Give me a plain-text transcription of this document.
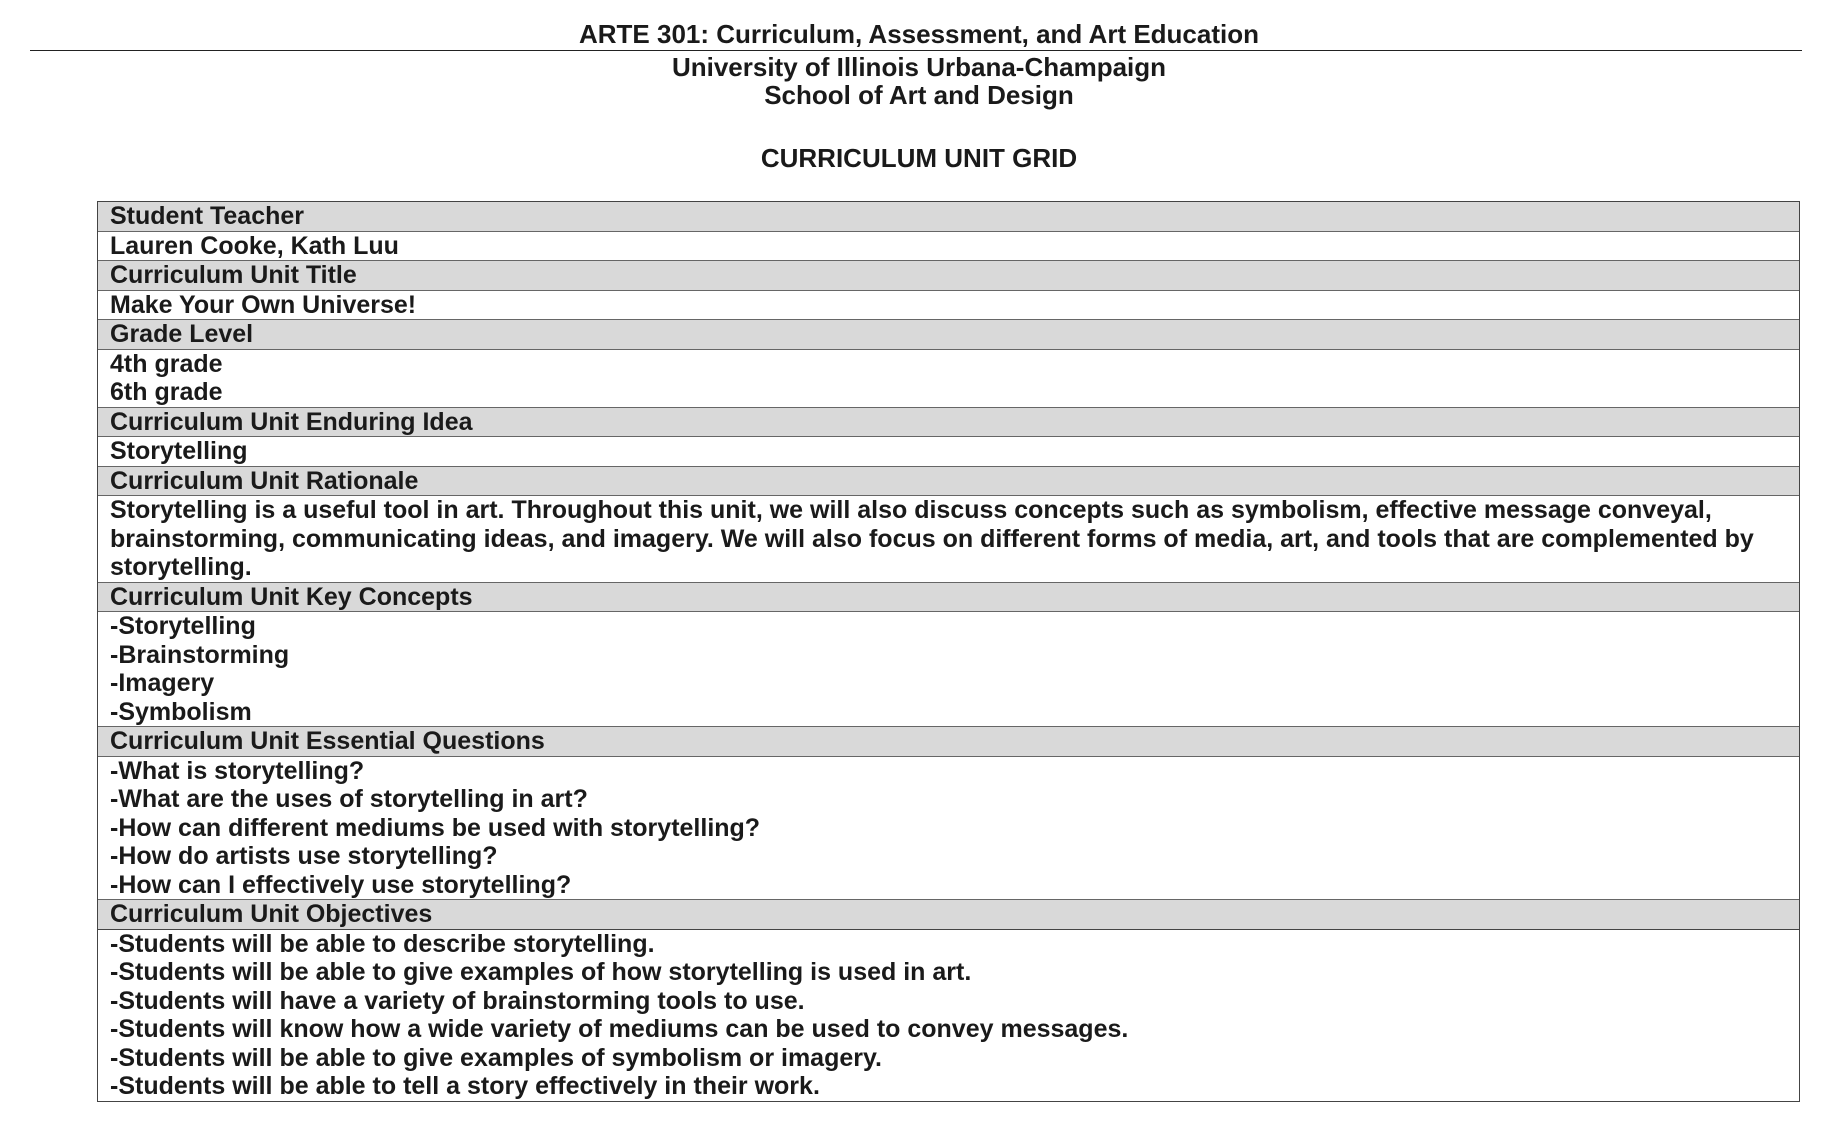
ARTE 301: Curriculum, Assessment, and Art Education
University of Illinois Urbana-Champaign
School of Art and Design
CURRICULUM UNIT GRID
Student Teacher
Lauren Cooke, Kath Luu
Curriculum Unit Title
Make Your Own Universe!
Grade Level
4th grade
6th grade
Curriculum Unit Enduring Idea
Storytelling
Curriculum Unit Rationale
Storytelling is a useful tool in art. Throughout this unit, we will also discuss concepts such as symbolism, effective message conveyal, brainstorming, communicating ideas, and imagery. We will also focus on different forms of media, art, and tools that are complemented by storytelling.
Curriculum Unit Key Concepts
-Storytelling
-Brainstorming
-Imagery
-Symbolism
Curriculum Unit Essential Questions
-What is storytelling?
-What are the uses of storytelling in art?
-How can different mediums be used with storytelling?
-How do artists use storytelling?
-How can I effectively use storytelling?
Curriculum Unit Objectives
-Students will be able to describe storytelling.
-Students will be able to give examples of how storytelling is used in art.
-Students will have a variety of brainstorming tools to use.
-Students will know how a wide variety of mediums can be used to convey messages.
-Students will be able to give examples of symbolism or imagery.
-Students will be able to tell a story effectively in their work.
